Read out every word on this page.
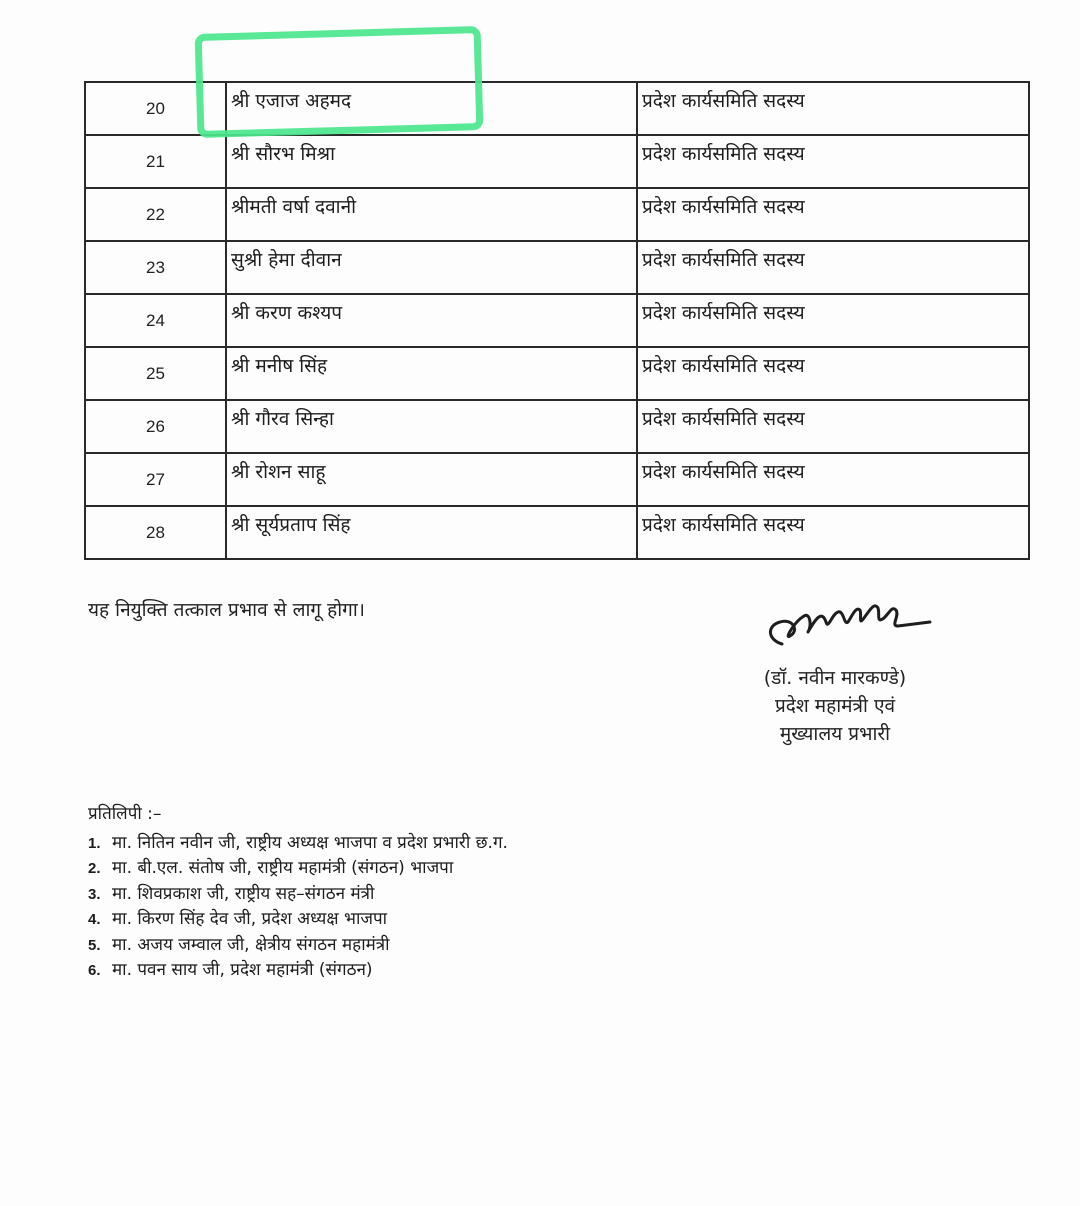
20	श्री एजाज अहमद	प्रदेश कार्यसमिति सदस्य
21	श्री सौरभ मिश्रा	प्रदेश कार्यसमिति सदस्य
22	श्रीमती वर्षा दवानी	प्रदेश कार्यसमिति सदस्य
23	सुश्री हेमा दीवान	प्रदेश कार्यसमिति सदस्य
24	श्री करण कश्यप	प्रदेश कार्यसमिति सदस्य
25	श्री मनीष सिंह	प्रदेश कार्यसमिति सदस्य
26	श्री गौरव सिन्हा	प्रदेश कार्यसमिति सदस्य
27	श्री रोशन साहू	प्रदेश कार्यसमिति सदस्य
28	श्री सूर्यप्रताप सिंह	प्रदेश कार्यसमिति सदस्य
यह नियुक्ति तत्काल प्रभाव से लागू होगा।
(डॉ. नवीन मारकण्डे)
प्रदेश महामंत्री एवं
मुख्यालय प्रभारी
प्रतिलिपी :–
1. मा. नितिन नवीन जी, राष्ट्रीय अध्यक्ष भाजपा व प्रदेश प्रभारी छ.ग.
2. मा. बी.एल. संतोष जी, राष्ट्रीय महामंत्री (संगठन) भाजपा
3. मा. शिवप्रकाश जी, राष्ट्रीय सह–संगठन मंत्री
4. मा. किरण सिंह देव जी, प्रदेश अध्यक्ष भाजपा
5. मा. अजय जम्वाल जी, क्षेत्रीय संगठन महामंत्री
6. मा. पवन साय जी, प्रदेश महामंत्री (संगठन)
